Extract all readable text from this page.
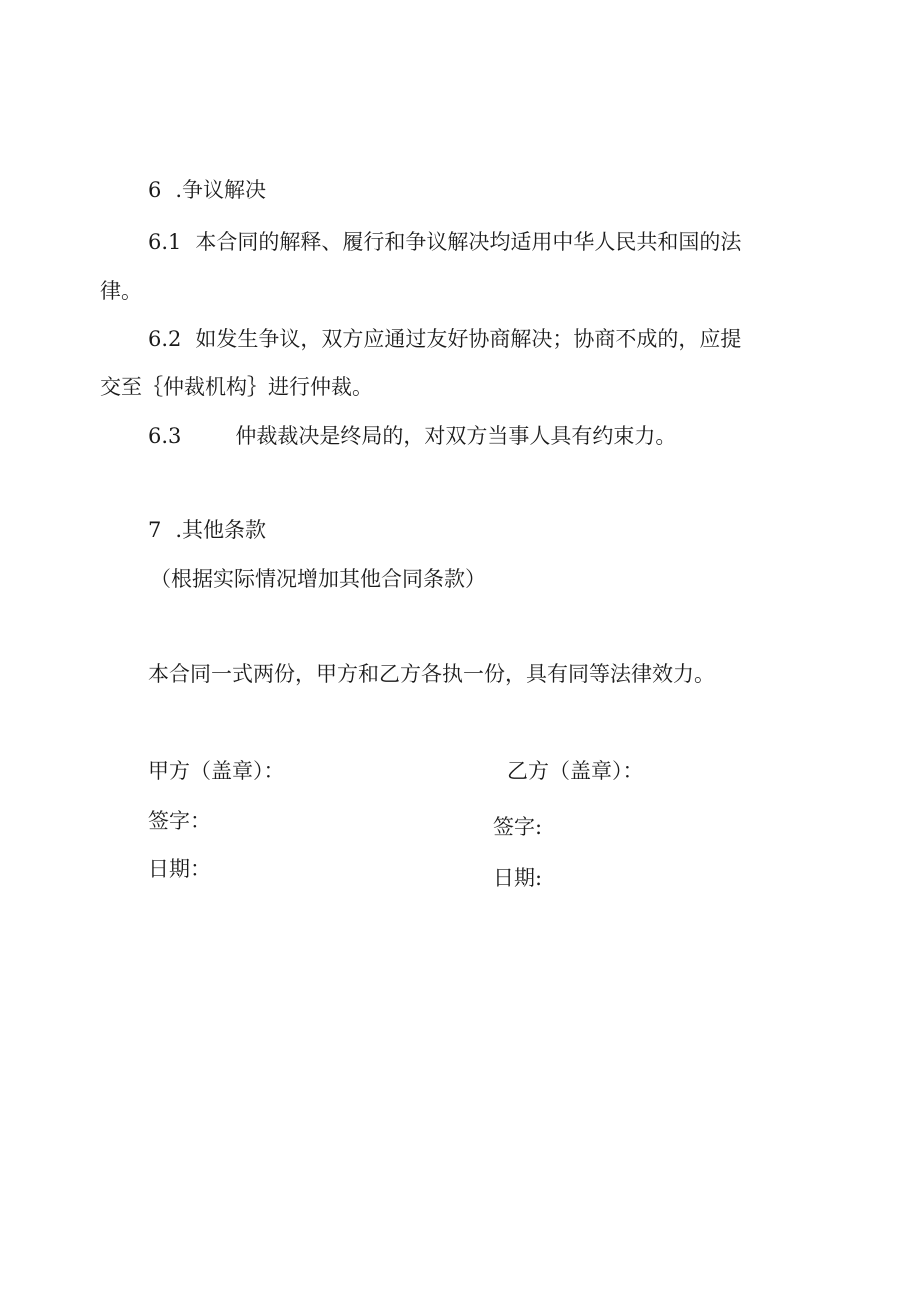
6 .争议解决
6.1 本合同的解释、履行和争议解决均适用中华人民共和国的法
律。
6.2 如发生争议，双方应通过友好协商解决；协商不成的，应提
交至｛仲裁机构｝进行仲裁。
6.3	仲裁裁决是终局的，对双方当事人具有约束力。
7 .其他条款
（根据实际情况增加其他合同条款）
本合同一式两份，甲方和乙方各执一份，具有同等法律效力。
甲方（盖章）：
签字：
日期：
乙方（盖章）：
签字:
日期:
